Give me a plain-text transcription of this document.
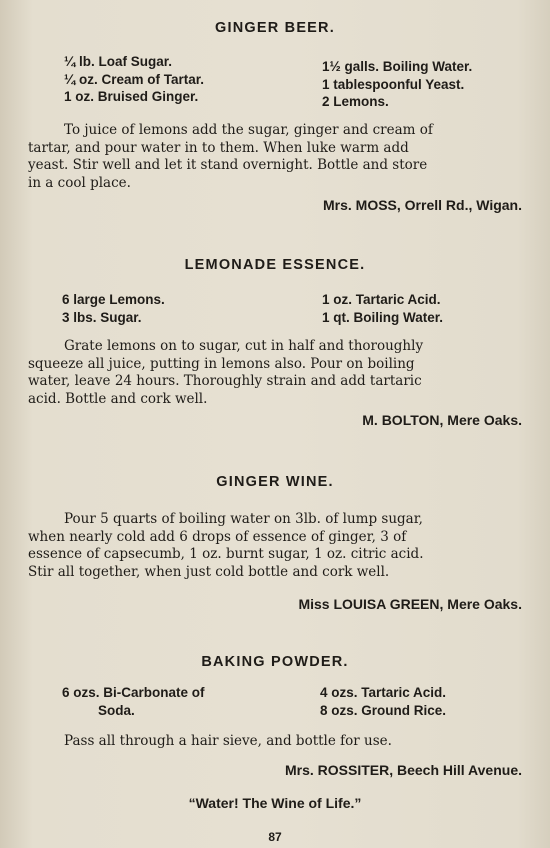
GINGER BEER.
¼ lb. Loaf Sugar.
¼ oz. Cream of Tartar.
1 oz. Bruised Ginger.
1½ galls. Boiling Water.
1 tablespoonful Yeast.
2 Lemons.
To juice of lemons add the sugar, ginger and cream of
tartar, and pour water in to them. When luke warm add
yeast. Stir well and let it stand overnight. Bottle and store
in a cool place.
Mrs. MOSS, Orrell Rd., Wigan.
LEMONADE ESSENCE.
6 large Lemons.
3 lbs. Sugar.
1 oz. Tartaric Acid.
1 qt. Boiling Water.
Grate lemons on to sugar, cut in half and thoroughly
squeeze all juice, putting in lemons also. Pour on boiling
water, leave 24 hours. Thoroughly strain and add tartaric
acid. Bottle and cork well.
M. BOLTON, Mere Oaks.
GINGER WINE.
Pour 5 quarts of boiling water on 3lb. of lump sugar,
when nearly cold add 6 drops of essence of ginger, 3 of
essence of capsecumb, 1 oz. burnt sugar, 1 oz. citric acid.
Stir all together, when just cold bottle and cork well.
Miss LOUISA GREEN, Mere Oaks.
BAKING POWDER.
6 ozs. Bi-Carbonate of
Soda.
4 ozs. Tartaric Acid.
8 ozs. Ground Rice.
Pass all through a hair sieve, and bottle for use.
Mrs. ROSSITER, Beech Hill Avenue.
“Water! The Wine of Life.”
87
